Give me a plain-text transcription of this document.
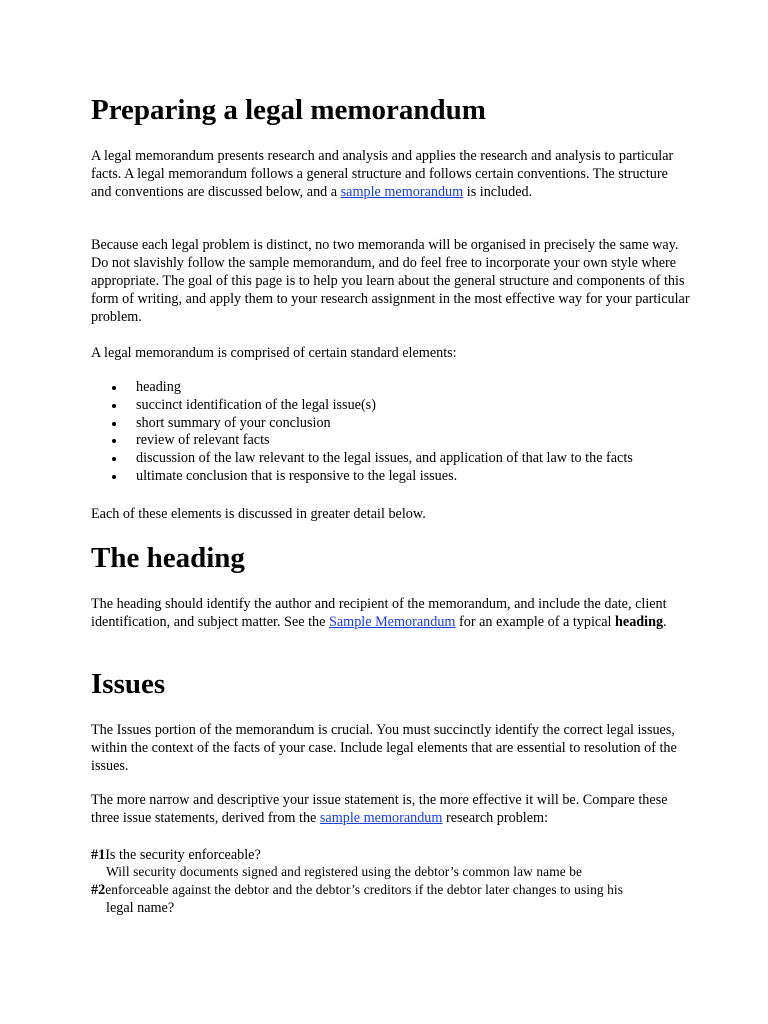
Preparing a legal memorandum

A legal memorandum presents research and analysis and applies the research and analysis to particular facts. A legal memorandum follows a general structure and follows certain conventions. The structure and conventions are discussed below, and a sample memorandum is included.

Because each legal problem is distinct, no two memoranda will be organised in precisely the same way. Do not slavishly follow the sample memorandum, and do feel free to incorporate your own style where appropriate. The goal of this page is to help you learn about the general structure and components of this form of writing, and apply them to your research assignment in the most effective way for your particular problem.

A legal memorandum is comprised of certain standard elements:

heading
succinct identification of the legal issue(s)
short summary of your conclusion
review of relevant facts
discussion of the law relevant to the legal issues, and application of that law to the facts
ultimate conclusion that is responsive to the legal issues.

Each of these elements is discussed in greater detail below.

The heading

The heading should identify the author and recipient of the memorandum, and include the date, client identification, and subject matter. See the Sample Memorandum for an example of a typical heading.

Issues

The Issues portion of the memorandum is crucial. You must succinctly identify the correct legal issues, within the context of the facts of your case. Include legal elements that are essential to resolution of the issues.

The more narrow and descriptive your issue statement is, the more effective it will be. Compare these three issue statements, derived from the sample memorandum research problem:

#1Is the security enforceable?
Will security documents signed and registered using the debtor’s common law name be
#2enforceable against the debtor and the debtor’s creditors if the debtor later changes to using his
legal name?
